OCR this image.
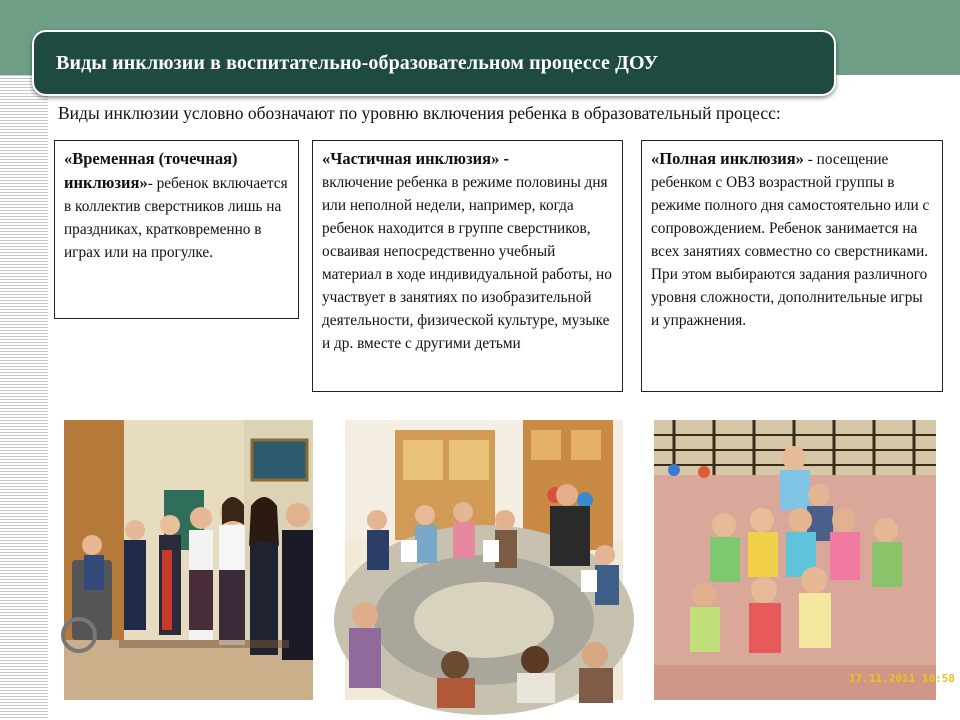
Виды инклюзии в воспитательно-образовательном процессе ДОУ
Виды инклюзии условно обозначают по уровню включения ребенка в образовательный процесс:
«Временная (точечная) инклюзия»- ребенок включается в коллектив сверстников лишь на праздниках, кратковременно в играх или на прогулке.
«Частичная инклюзия» -
включение ребенка в режиме половины дня или неполной недели, например, когда ребенок находится в группе сверстников, осваивая непосредственно учебный материал в ходе индивидуальной работы, но участвует в занятиях по изобразительной деятельности, физической культуре, музыке и др. вместе с другими детьми
«Полная инклюзия» - посещение ребенком с ОВЗ возрастной группы в режиме полного дня самостоятельно или с сопровождением. Ребенок занимается на всех занятиях совместно со сверстниками. При этом выбираются задания различного уровня сложности, дополнительные игры и упражнения.
17.11.2011 10:58
